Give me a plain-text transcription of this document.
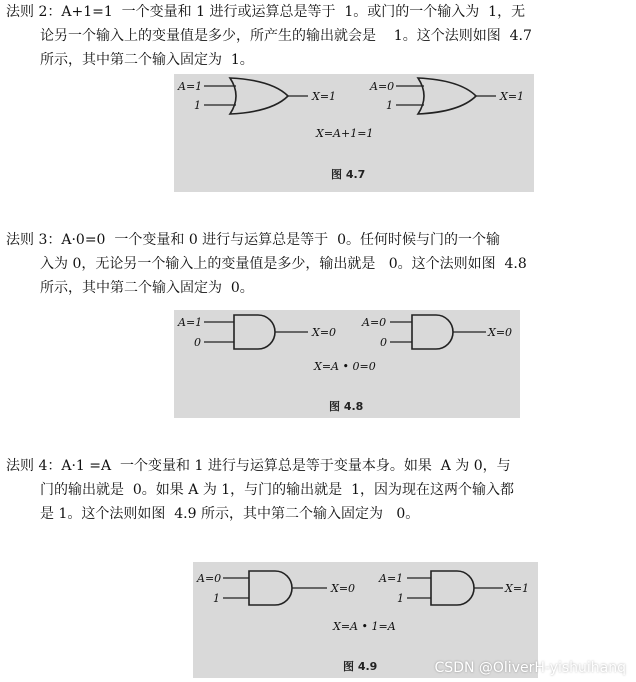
法则 2：A+1=1  一个变量和 1 进行或运算总是等于  1。或门的一个输入为  1，无
论另一个输入上的变量值是多少，所产生的输出就会是    1。这个法则如图  4.7
所示，其中第二个输入固定为  1。
A=1
1
X=1
A=0
1
X=1
X=A+1=1
图 4.7
法则 3：A·0=0  一个变量和 0 进行与运算总是等于  0。任何时候与门的一个输
入为 0，无论另一个输入上的变量值是多少，输出就是   0。这个法则如图  4.8
所示，其中第二个输入固定为  0。
A=1
0
X=0
A=0
0
X=0
X=A • 0=0
图 4.8
法则 4：A·1 =A  一个变量和 1 进行与运算总是等于变量本身。如果  A 为 0，与
门的输出就是  0。如果 A 为 1，与门的输出就是  1，因为现在这两个输入都
是 1。这个法则如图  4.9 所示，其中第二个输入固定为   0。
A=0
1
X=0
A=1
1
X=1
X=A • 1=A
图 4.9	CSDN @OliverH-yishuihanq
